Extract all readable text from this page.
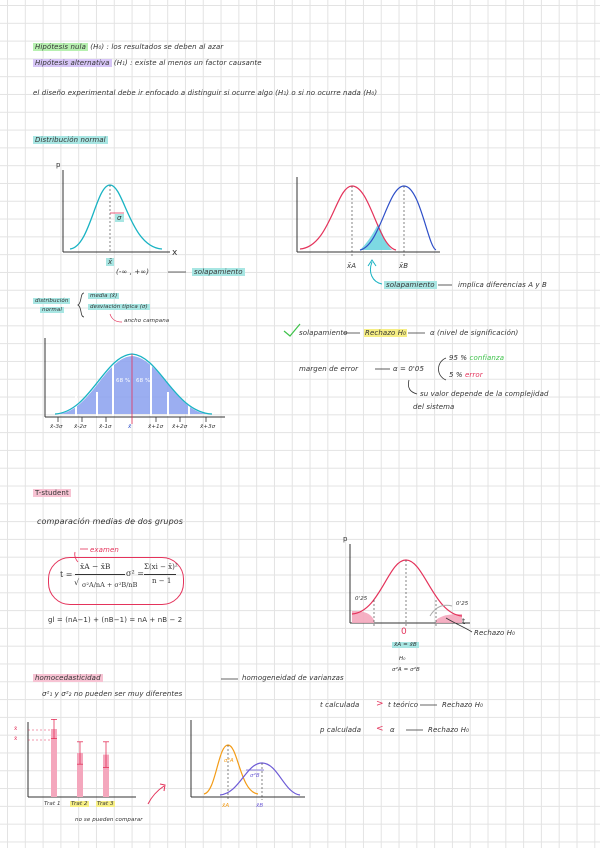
Hipótesis nula (H₀) : los resultados se deben al azar
Hipótesis alternativa (H₁) : existe al menos un factor causante
el diseño experimental debe ir enfocado a distinguir si ocurre algo (H₁) o si no ocurre nada (H₀)
Distribución normal
p
x
x̄
σ
(-∞ , +∞)	solapamiento
x̄A	x̄B
solapamiento	implica diferencias A y B
distribución
normal
media (x̄)
desviación típica (σ)
ancho campana
68 % 68 %
x̄-3σ x̄-2σ x̄-1σ	x̄	x̄+1σ x̄+2σ x̄+3σ
solapamiento Rechazo H₀	α (nivel de significación)
margen de error	α = 0'05
95 % confianza
5 % error
su valor depende de la complejidad
del sistema
T-student
comparación medias de dos grupos
examen
t =
x̄A − x̄B
√ σ²A/nA + σ²B/nB
σ² =
Σ(xi − x̄)²
n − 1
gl = (nA−1) + (nB−1) = nA + nB − 2
p
t
0'25
0'25
0	Rechazo H₀
x̄A = x̄B
H₀
σ²A = σ²B
homocedasticidad	homogeneidad de varianzas
σ²₁ y σ²₂ no pueden ser muy diferentes
x̄
x̄
Trat 1 Trat 2 Trat 3
no se pueden comparar
x̄A	x̄B
σ²A
σ²B
t calculada > t teórico	Rechazo H₀
p calculada < α	Rechazo H₀
